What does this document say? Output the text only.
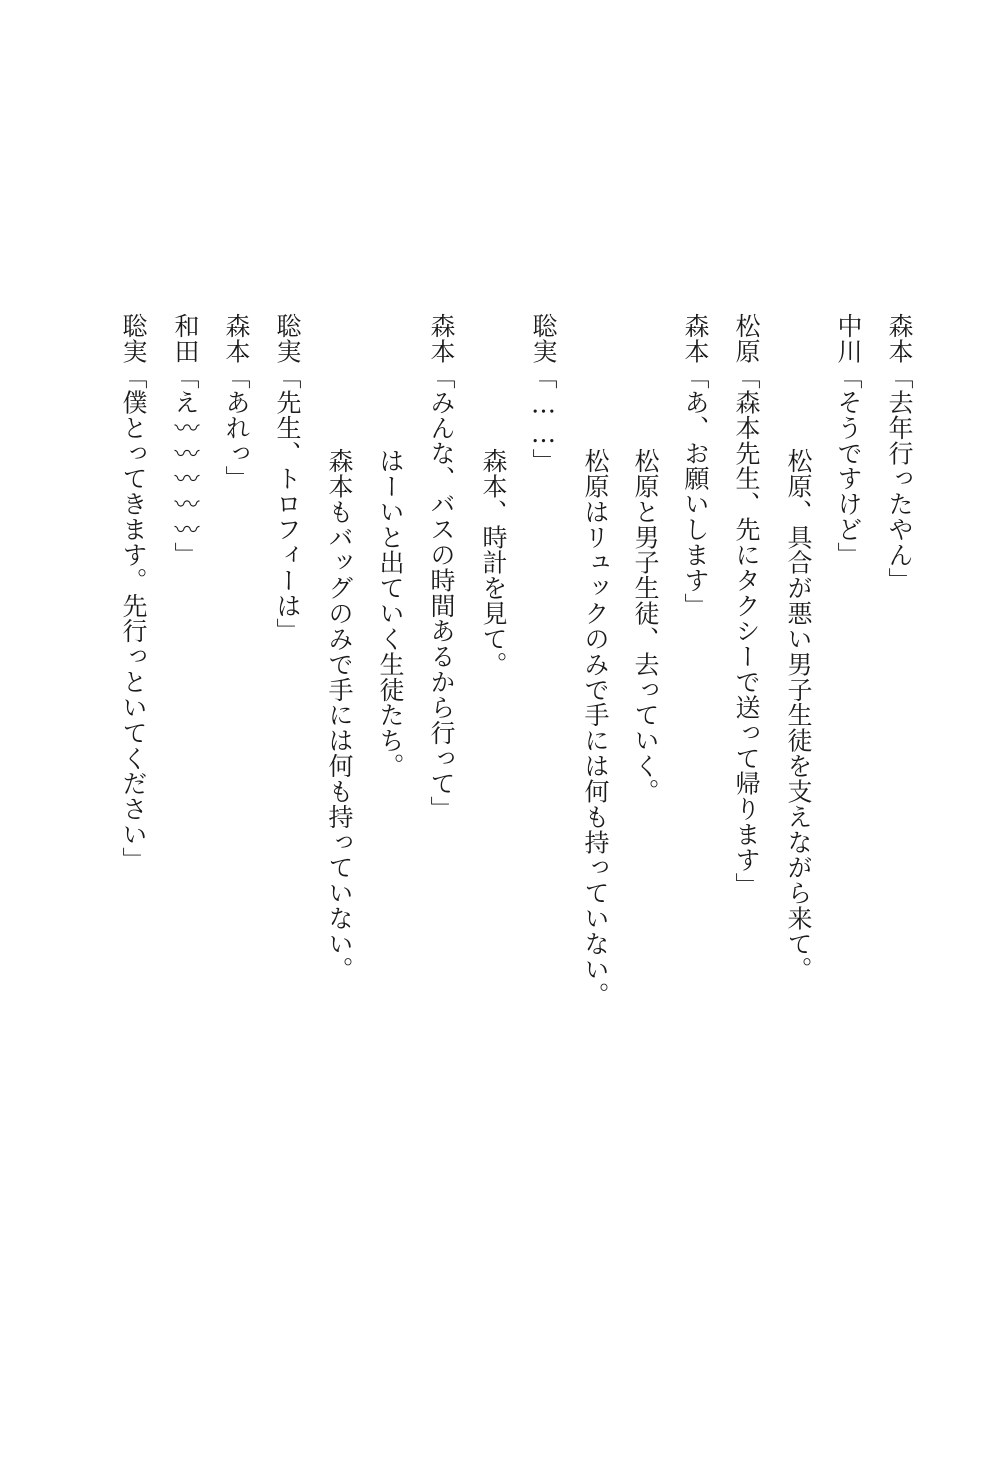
森本「去年行ったやん」
中川「そうですけど」
松原、具合が悪い男子生徒を支えながら来て。
松原「森本先生、先にタクシーで送って帰ります」
森本「あ、お願いします」
松原と男子生徒、去っていく。
松原はリュックのみで手には何も持っていない。
聡実「……」
森本、時計を見て。
森本「みんな、バスの時間あるから行って」
はーいと出ていく生徒たち。
森本もバッグのみで手には何も持っていない。
聡実「先生、トロフィーは」
森本「あれっ」
和田「え〰〰〰〰〰」
聡実「僕とってきます。先行っといてください」
